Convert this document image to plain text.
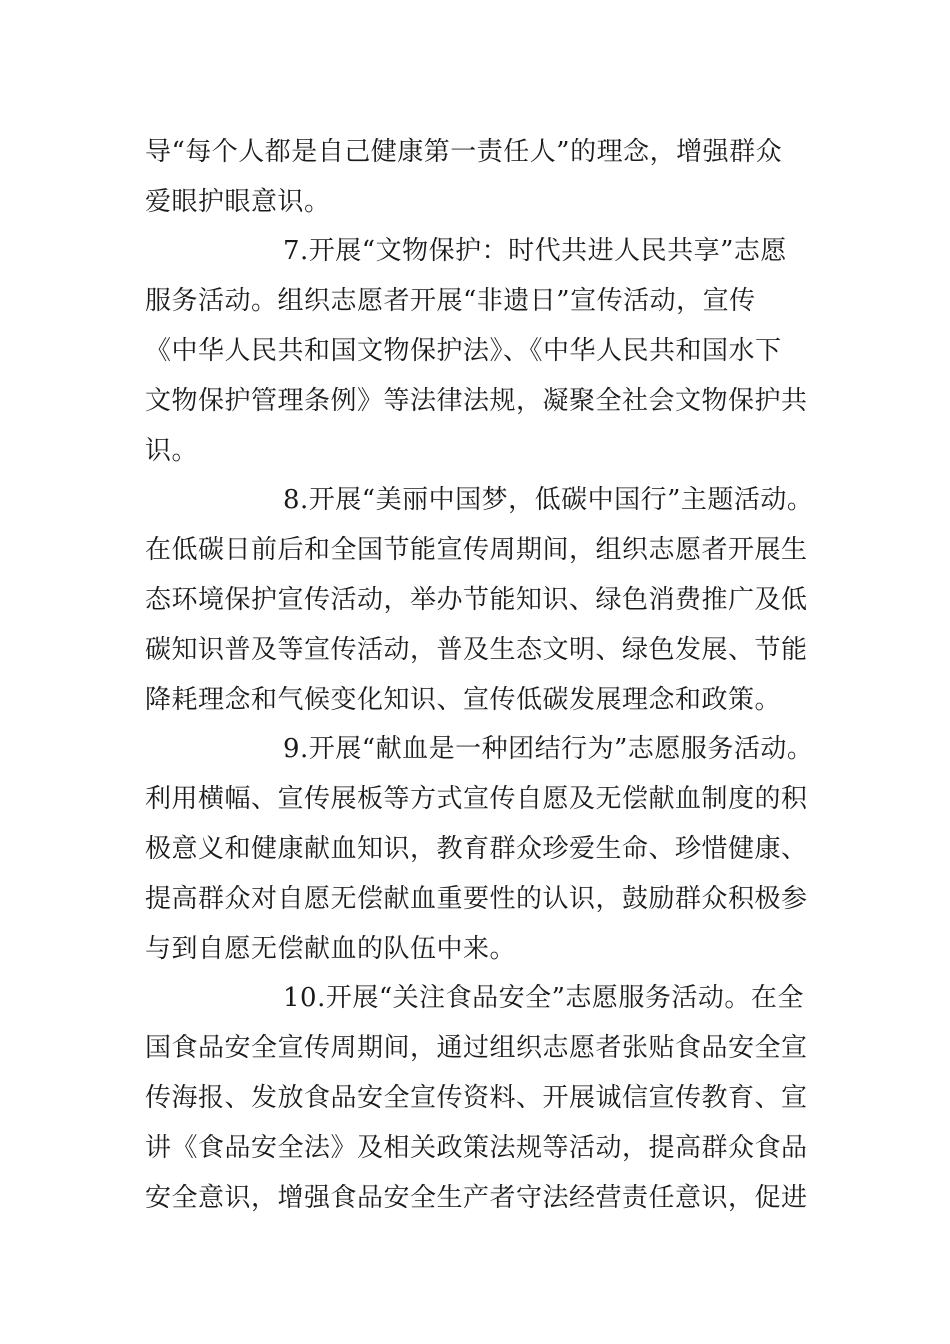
导“每个人都是自己健康第一责任人”的理念，增强群众
爱眼护眼意识。
7.开展“文物保护：时代共进人民共享”志愿
服务活动。组织志愿者开展“非遗日”宣传活动，宣传
《中华人民共和国文物保护法》、《中华人民共和国水下
文物保护管理条例》等法律法规，凝聚全社会文物保护共
识。
8.开展“美丽中国梦，低碳中国行”主题活动。
在低碳日前后和全国节能宣传周期间，组织志愿者开展生
态环境保护宣传活动，举办节能知识、绿色消费推广及低
碳知识普及等宣传活动，普及生态文明、绿色发展、节能
降耗理念和气候变化知识、宣传低碳发展理念和政策。
9.开展“献血是一种团结行为”志愿服务活动。
利用横幅、宣传展板等方式宣传自愿及无偿献血制度的积
极意义和健康献血知识，教育群众珍爱生命、珍惜健康、
提高群众对自愿无偿献血重要性的认识，鼓励群众积极参
与到自愿无偿献血的队伍中来。
10.开展“关注食品安全”志愿服务活动。在全
国食品安全宣传周期间，通过组织志愿者张贴食品安全宣
传海报、发放食品安全宣传资料、开展诚信宣传教育、宣
讲《食品安全法》及相关政策法规等活动，提高群众食品
安全意识，增强食品安全生产者守法经营责任意识，促进
